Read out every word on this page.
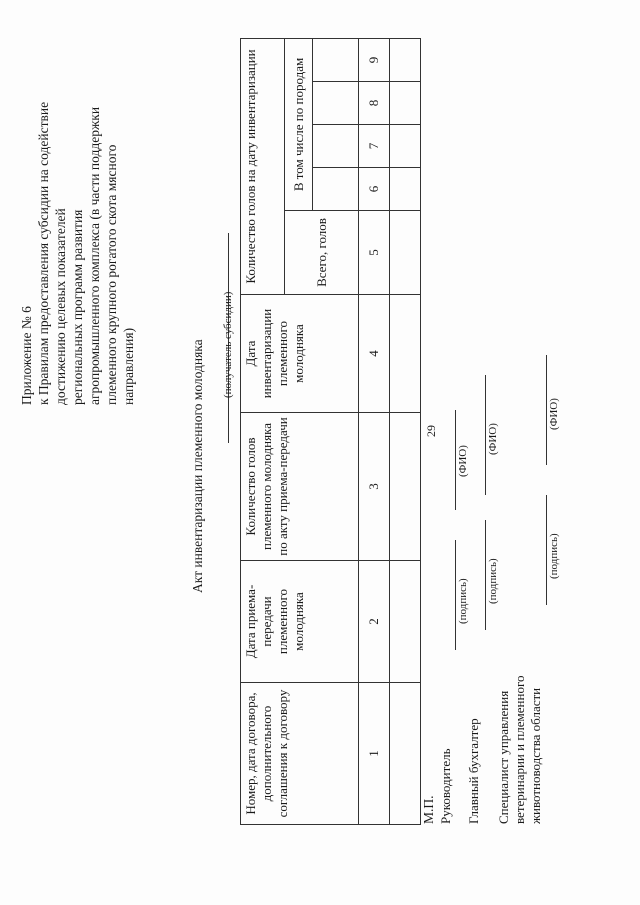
29
Приложение № 6 к Правилам предоставления субсидии на содействие достижению целевых показателей региональных программ развития агропромышленного комплекса (в части поддержки племенного крупного рогатого скота мясного направления)	Акт инвентаризации племенного молодняка (получатель субсидии)
Номер, дата договора, дополнительного соглашения к договору	Дата приема-передачи племенного молодняка	Количество голов племенного молодняка по акту приема-передачи	Дата инвентаризации племенного молодняка	Количество голов на дату инвентаризации				
				Всего, голов	В том числе по породам			

1	2	3	4	5	6	7	8	9

М.П. Руководитель
(подпись)
(ФИО)
Главный бухгалтер
(подпись)
(ФИО)
Специалист управления ветеринарии и племенного животноводства области
(подпись)
(ФИО)
